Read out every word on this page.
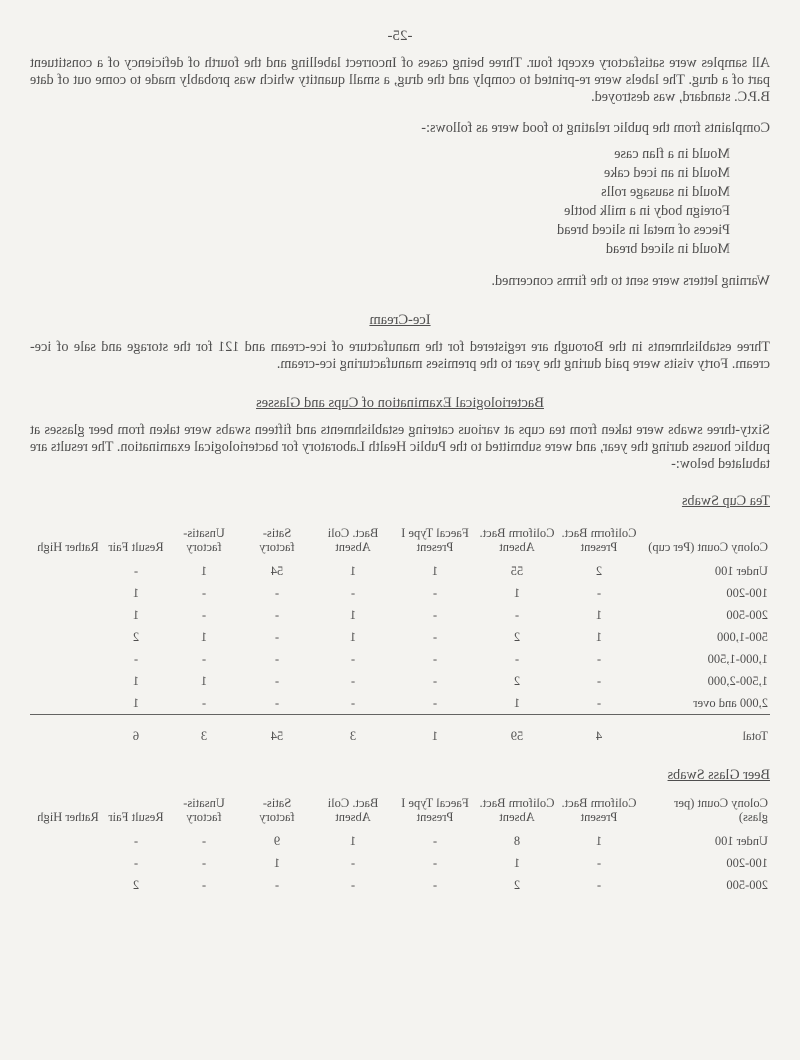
-25-

All samples were satisfactory except four. Three being cases of Incorrect labelling and the fourth of deficiency of a constituent part of a drug. The labels were re-printed to comply and the drug, a small quantity which was probably made to come out of date B.P.C. standard, was destroyed.

Complaints from the public relating to food were as follows:-

Mould in a flan case
Mould in an iced cake
Mould in sausage rolls
Foreign body in a milk bottle
Pieces of metal in sliced bread
Mould in sliced bread

Warning letters were sent to the firms concerned.

Ice-Cream

Three establishments in the Borough are registered for the manufacture of ice-cream and 121 for the storage and sale of ice-cream. Forty visits were paid during the year to the premises manufacturing ice-cream.

Bacteriological Examination of Cups and Glasses

Sixty-three swabs were taken from tea cups at various catering establishments and fifteen swabs were taken from beer glasses at public houses during the year, and were submitted to the Public Health Laboratory for bacteriological examination. The results are tabulated below:-

Tea Cup Swabs
Colony Count (Per cup)	Coliform Bact. Present	Coliform Bact. Absent	Faecal Type I Present	Bact. Coli Absent	Satis- factory	Unsatis- factory	Result Fair	Rather High
Under 100	2	55	1	1	54	1	-	
100-200	-	1	-	-	-	-	1	
200-500	1	-	-	1	-	-	1	
500-1,000	1	2	-	1	-	1	2	
1,000-1,500	-	-	-	-	-	-	-	
1,500-2,000	-	2	-	-	-	1	1	
2,000 and over	-	1	-	-	-	-	1	

Total	4	59	1	3	54	3	6	
Beer Glass Swabs
Colony Count (per glass)	Coliform Bact. Present	Coliform Bact. Absent	Faecal Type I Present	Bact. Coli Absent	Satis- factory	Unsatis- factory	Result Fair	Rather High
Under 100	1	8	-	1	9	-	-	
100-200	-	1	-	-	1	-	-	
200-500	-	2	-	-	-	-	2	
